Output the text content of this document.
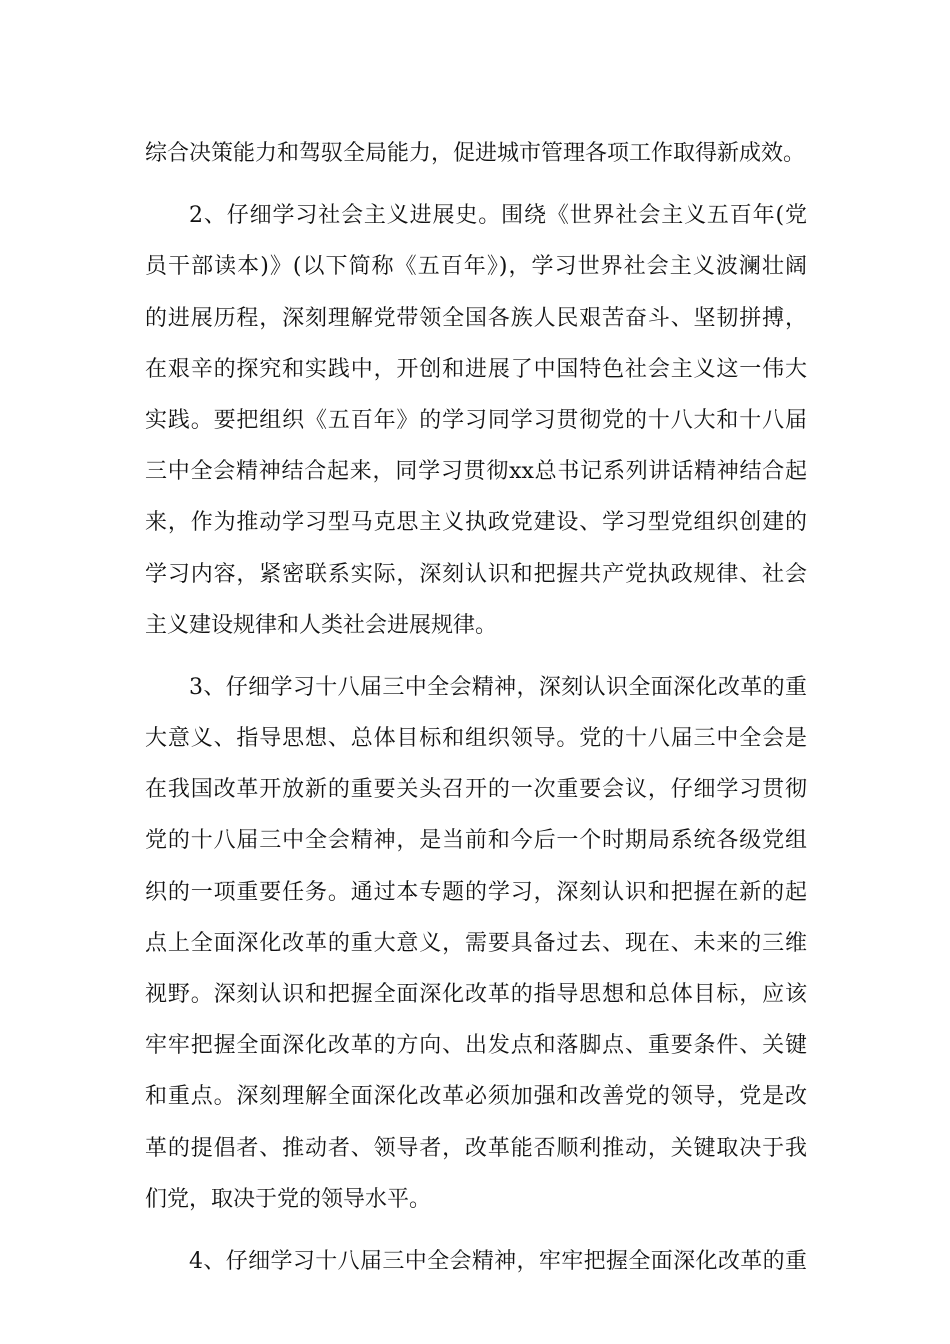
综合决策能力和驾驭全局能力，促进城市管理各项工作取得新成效。
2、仔细学习社会主义进展史。围绕《世界社会主义五百年(党
员干部读本)》(以下简称《五百年》)，学习世界社会主义波澜壮阔
的进展历程，深刻理解党带领全国各族人民艰苦奋斗、坚韧拼搏，
在艰辛的探究和实践中，开创和进展了中国特色社会主义这一伟大
实践。要把组织《五百年》的学习同学习贯彻党的十八大和十八届
三中全会精神结合起来，同学习贯彻xx总书记系列讲话精神结合起
来，作为推动学习型马克思主义执政党建设、学习型党组织创建的
学习内容，紧密联系实际，深刻认识和把握共产党执政规律、社会
主义建设规律和人类社会进展规律。
3、仔细学习十八届三中全会精神，深刻认识全面深化改革的重
大意义、指导思想、总体目标和组织领导。党的十八届三中全会是
在我国改革开放新的重要关头召开的一次重要会议，仔细学习贯彻
党的十八届三中全会精神，是当前和今后一个时期局系统各级党组
织的一项重要任务。通过本专题的学习，深刻认识和把握在新的起
点上全面深化改革的重大意义，需要具备过去、现在、未来的三维
视野。深刻认识和把握全面深化改革的指导思想和总体目标，应该
牢牢把握全面深化改革的方向、出发点和落脚点、重要条件、关键
和重点。深刻理解全面深化改革必须加强和改善党的领导，党是改
革的提倡者、推动者、领导者，改革能否顺利推动，关键取决于我
们党，取决于党的领导水平。
4、仔细学习十八届三中全会精神，牢牢把握全面深化改革的重
